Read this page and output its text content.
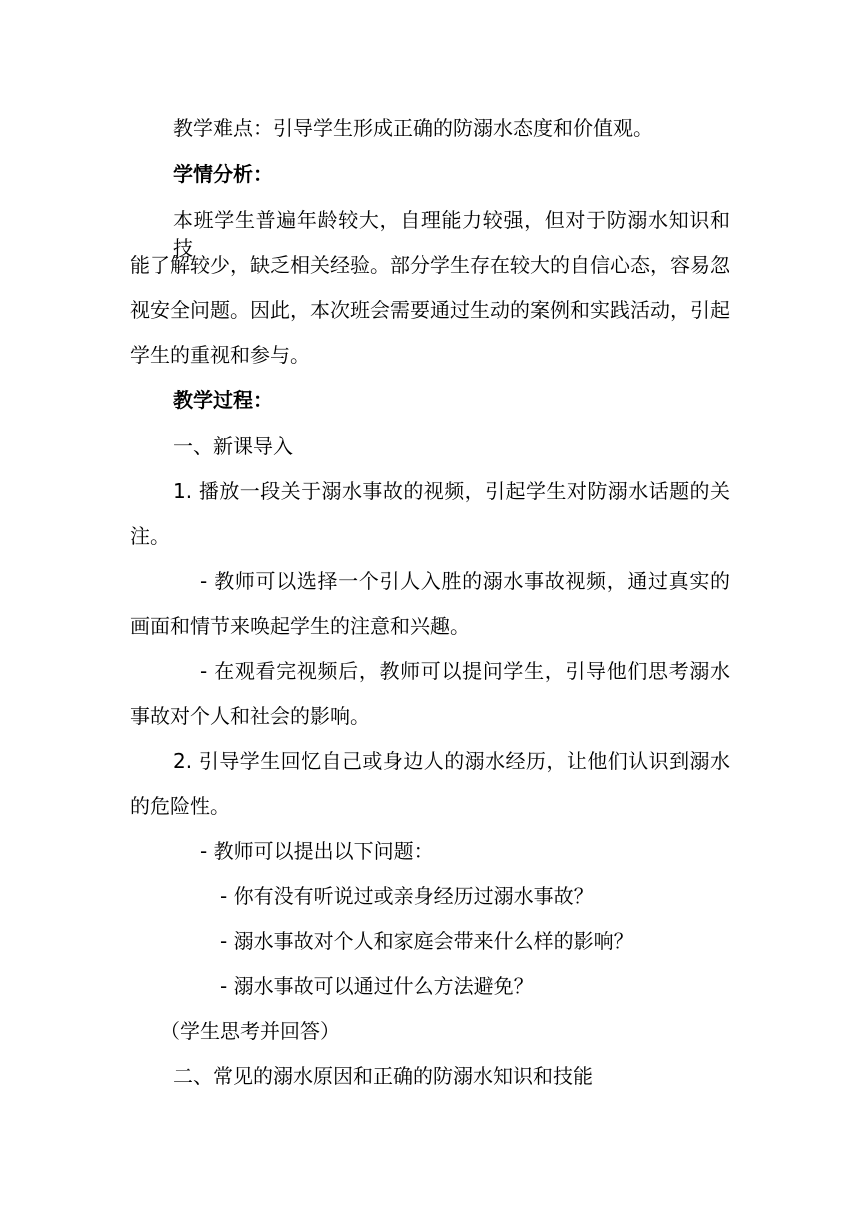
教学难点：引导学生形成正确的防溺水态度和价值观。
学情分析：
本班学生普遍年龄较大，自理能力较强，但对于防溺水知识和技
能了解较少，缺乏相关经验。部分学生存在较大的自信心态，容易忽
视安全问题。因此，本次班会需要通过生动的案例和实践活动，引起
学生的重视和参与。
教学过程：
一、新课导入
1. 播放一段关于溺水事故的视频，引起学生对防溺水话题的关
注。
- 教师可以选择一个引人入胜的溺水事故视频，通过真实的
画面和情节来唤起学生的注意和兴趣。
- 在观看完视频后，教师可以提问学生，引导他们思考溺水
事故对个人和社会的影响。
2. 引导学生回忆自己或身边人的溺水经历，让他们认识到溺水
的危险性。
- 教师可以提出以下问题：
- 你有没有听说过或亲身经历过溺水事故？
- 溺水事故对个人和家庭会带来什么样的影响？
- 溺水事故可以通过什么方法避免？
（学生思考并回答）
二、常见的溺水原因和正确的防溺水知识和技能
